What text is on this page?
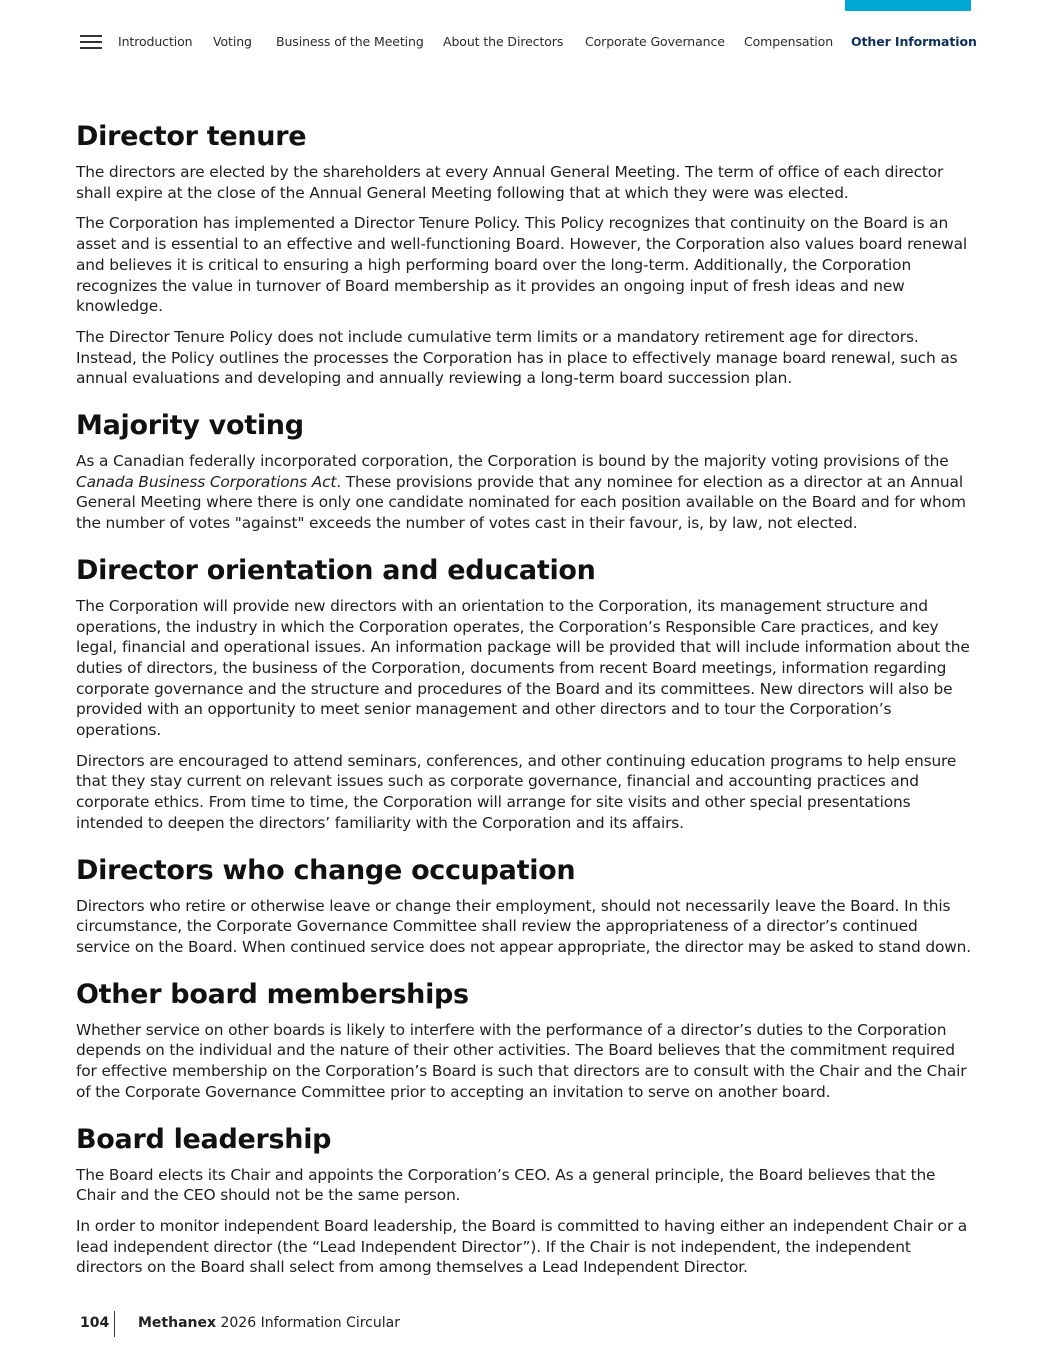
Introduction Voting Business of the Meeting About the Directors Corporate Governance Compensation Other Information
Director tenure

The directors are elected by the shareholders at every Annual General Meeting. The term of office of each director shall expire at the close of the Annual General Meeting following that at which they were was elected.

The Corporation has implemented a Director Tenure Policy. This Policy recognizes that continuity on the Board is an asset and is essential to an effective and well-functioning Board. However, the Corporation also values board renewal and believes it is critical to ensuring a high performing board over the long-term. Additionally, the Corporation recognizes the value in turnover of Board membership as it provides an ongoing input of fresh ideas and new knowledge.

The Director Tenure Policy does not include cumulative term limits or a mandatory retirement age for directors. Instead, the Policy outlines the processes the Corporation has in place to effectively manage board renewal, such as annual evaluations and developing and annually reviewing a long-term board succession plan.

Majority voting

As a Canadian federally incorporated corporation, the Corporation is bound by the majority voting provisions of the Canada Business Corporations Act. These provisions provide that any nominee for election as a director at an Annual General Meeting where there is only one candidate nominated for each position available on the Board and for whom the number of votes "against" exceeds the number of votes cast in their favour, is, by law, not elected.

Director orientation and education

The Corporation will provide new directors with an orientation to the Corporation, its management structure and operations, the industry in which the Corporation operates, the Corporation’s Responsible Care practices, and key legal, financial and operational issues. An information package will be provided that will include information about the duties of directors, the business of the Corporation, documents from recent Board meetings, information regarding corporate governance and the structure and procedures of the Board and its committees. New directors will also be provided with an opportunity to meet senior management and other directors and to tour the Corporation’s operations.

Directors are encouraged to attend seminars, conferences, and other continuing education programs to help ensure that they stay current on relevant issues such as corporate governance, financial and accounting practices and corporate ethics. From time to time, the Corporation will arrange for site visits and other special presentations intended to deepen the directors’ familiarity with the Corporation and its affairs.

Directors who change occupation

Directors who retire or otherwise leave or change their employment, should not necessarily leave the Board. In this circumstance, the Corporate Governance Committee shall review the appropriateness of a director’s continued service on the Board. When continued service does not appear appropriate, the director may be asked to stand down.

Other board memberships

Whether service on other boards is likely to interfere with the performance of a director’s duties to the Corporation depends on the individual and the nature of their other activities. The Board believes that the commitment required for effective membership on the Corporation’s Board is such that directors are to consult with the Chair and the Chair of the Corporate Governance Committee prior to accepting an invitation to serve on another board.

Board leadership

The Board elects its Chair and appoints the Corporation’s CEO. As a general principle, the Board believes that the Chair and the CEO should not be the same person.

In order to monitor independent Board leadership, the Board is committed to having either an independent Chair or a lead independent director (the “Lead Independent Director”). If the Chair is not independent, the independent directors on the Board shall select from among themselves a Lead Independent Director.

104 Methanex 2026 Information Circular
